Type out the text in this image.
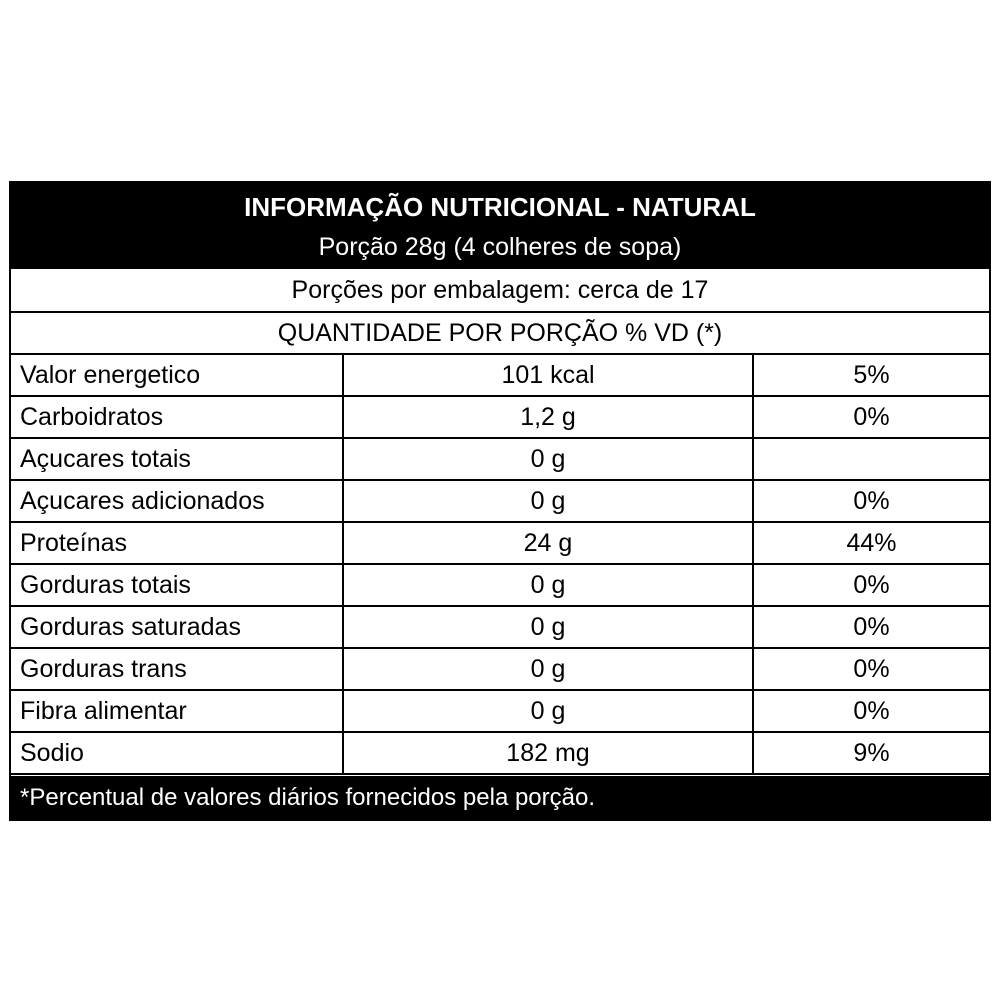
INFORMAÇÃO NUTRICIONAL - NATURAL
Porção 28g (4 colheres de sopa)
Porções por embalagem: cerca de 17
QUANTIDADE POR PORÇÃO % VD (*)
Valor energetico	101 kcal	5%
Carboidratos	1,2 g	0%
Açucares totais	0 g
Açucares adicionados	0 g	0%
Proteínas	24 g	44%
Gorduras totais	0 g	0%
Gorduras saturadas	0 g	0%
Gorduras trans	0 g	0%
Fibra alimentar	0 g	0%
Sodio	182 mg	9%
*Percentual de valores diários fornecidos pela porção.
